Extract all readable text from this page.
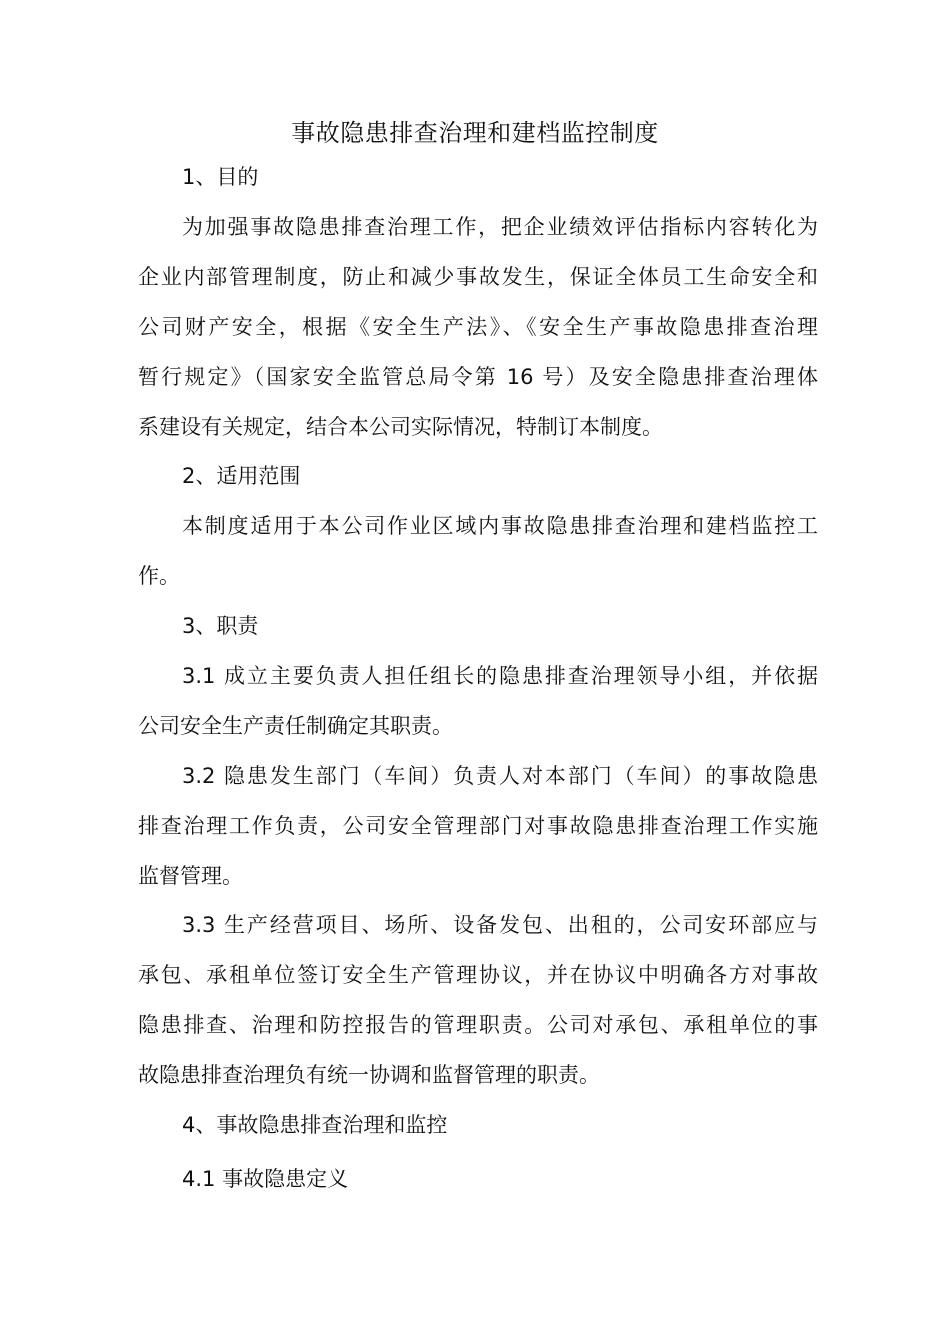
事故隐患排查治理和建档监控制度

1、目的

为加强事故隐患排查治理工作，把企业绩效评估指标内容转化为

企业内部管理制度，防止和减少事故发生，保证全体员工生命安全和

公司财产安全，根据《安全生产法》、《安全生产事故隐患排查治理

暂行规定》（国家安全监管总局令第 16 号）及安全隐患排查治理体

系建设有关规定，结合本公司实际情况，特制订本制度。

2、适用范围

本制度适用于本公司作业区域内事故隐患排查治理和建档监控工

作。

3、职责

3.1 成立主要负责人担任组长的隐患排查治理领导小组，并依据

公司安全生产责任制确定其职责。

3.2 隐患发生部门（车间）负责人对本部门（车间）的事故隐患

排查治理工作负责，公司安全管理部门对事故隐患排查治理工作实施

监督管理。

3.3 生产经营项目、场所、设备发包、出租的，公司安环部应与

承包、承租单位签订安全生产管理协议，并在协议中明确各方对事故

隐患排查、治理和防控报告的管理职责。公司对承包、承租单位的事

故隐患排查治理负有统一协调和监督管理的职责。

4、事故隐患排查治理和监控

4.1 事故隐患定义
